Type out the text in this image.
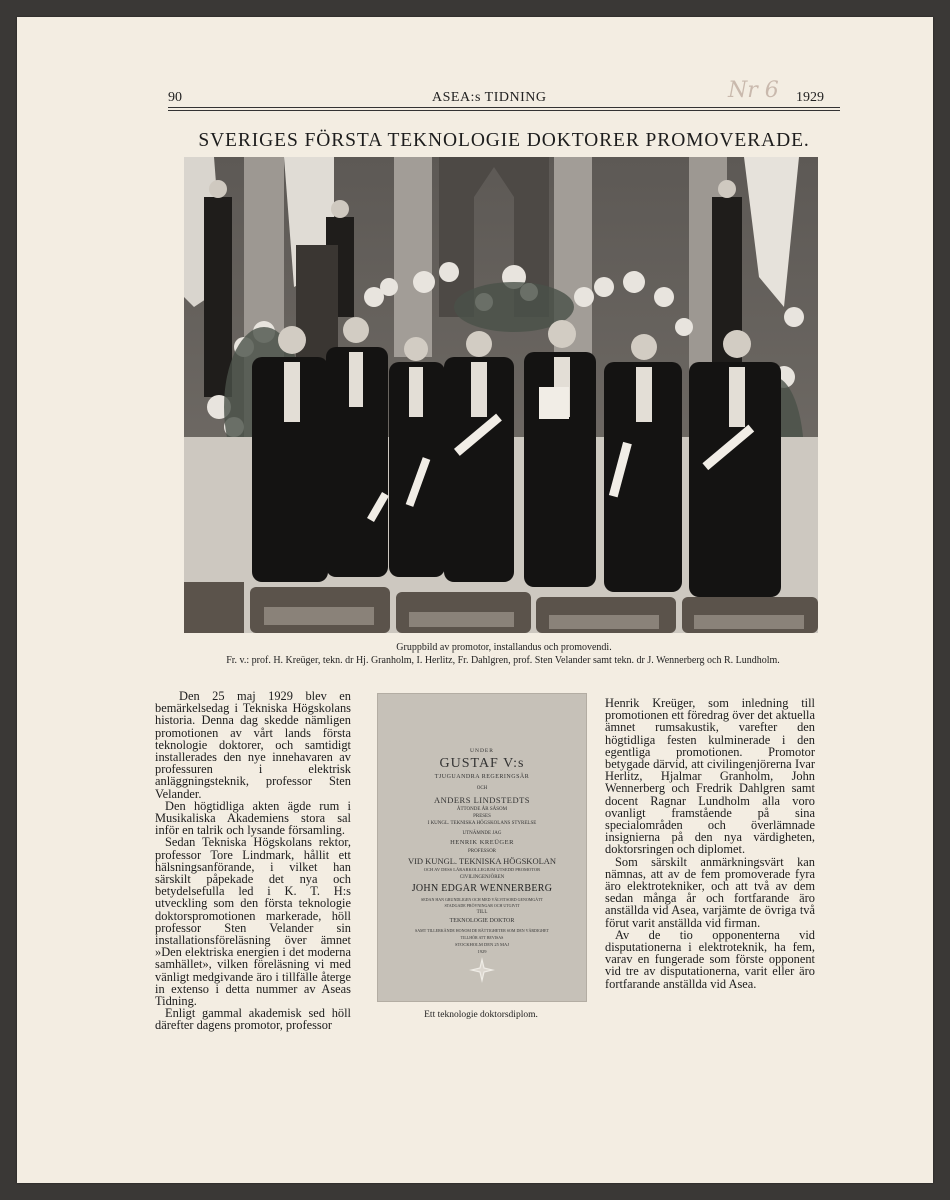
90	ASEA:s TIDNING	Nr 6 1929
SVERIGES FÖRSTA TEKNOLOGIE DOKTORER PROMOVERADE.
Gruppbild av promotor, installandus och promovendi.
Fr. v.: prof. H. Kreüger, tekn. dr Hj. Granholm, I. Herlitz, Fr. Dahlgren, prof. Sten Velander samt tekn. dr J. Wennerberg och R. Lundholm.

Den 25 maj 1929 blev en bemärkelsedag i Tekniska Högskolans historia. Denna dag skedde nämligen promotionen av vårt lands första teknologie doktorer, och samtidigt installerades den nye innehavaren av professuren i elektrisk anläggningsteknik, professor Sten Velander.

Den högtidliga akten ägde rum i Musikaliska Akademiens stora sal inför en talrik och lysande församling.

Sedan Tekniska Högskolans rektor, professor Tore Lindmark, hållit ett hälsningsanförande, i vilket han särskilt påpekade det nya och betydelsefulla led i K. T. H:s utveckling som den första teknologie doktorspromotionen markerade, höll professor Sten Velander sin installationsföreläsning över ämnet »Den elektriska energien i det moderna samhället», vilken föreläsning vi med vänligt medgivande äro i tillfälle återge in extenso i detta nummer av Aseas Tidning.

Enligt gammal akademisk sed höll därefter dagens promotor, professor

UNDER
GUSTAF V:s
TJUGUANDRA REGERINGSÅR
OCH
ANDERS LINDSTEDTS
ÅTTONDE ÅR SÅSOM
PRESES
I KUNGL. TEKNISKA HÖGSKOLANS STYRELSE
UTNÄMNDE JAG
HENRIK KREÜGER
PROFESSOR
VID KUNGL. TEKNISKA HÖGSKOLAN
OCH AV DESS LÄRARKOLLEGIUM UTSEDD PROMOTOR
CIVILINGENJÖREN
JOHN EDGAR WENNERBERG
SEDAN HAN GRUNDLIGEN OCH MED VÄLVITSORD GENOMGÅTT
STADGADE PRÖVNINGAR OCH UTGIVIT
TILL
TEKNOLOGIE DOKTOR
SAMT TILLERKÄNDE HONOM DE RÄTTIGHETER SOM DEN VÄRDIGHET
TILLHÖR ATT BEVISAS
STOCKHOLM DEN 25 MAJ
1929
Ett teknologie doktorsdiplom.

Henrik Kreüger, som inledning till promotionen ett föredrag över det aktuella ämnet rumsakustik, varefter den högtidliga festen kulminerade i den egentliga promotionen. Promotor betygade därvid, att civilingenjörerna Ivar Herlitz, Hjalmar Granholm, John Wennerberg och Fredrik Dahlgren samt docent Ragnar Lundholm alla voro ovanligt framstående på sina specialområden och överlämnade insignierna på den nya värdigheten, doktorsringen och diplomet.

Som särskilt anmärkningsvärt kan nämnas, att av de fem promoverade fyra äro elektrotekniker, och att två av dem sedan många år och fortfarande äro anställda vid Asea, varjämte de övriga två förut varit anställda vid firman.

Av de tio opponenterna vid disputationerna i elektroteknik, ha fem, varav en fungerade som förste opponent vid tre av disputationerna, varit eller äro fortfarande anställda vid Asea.
